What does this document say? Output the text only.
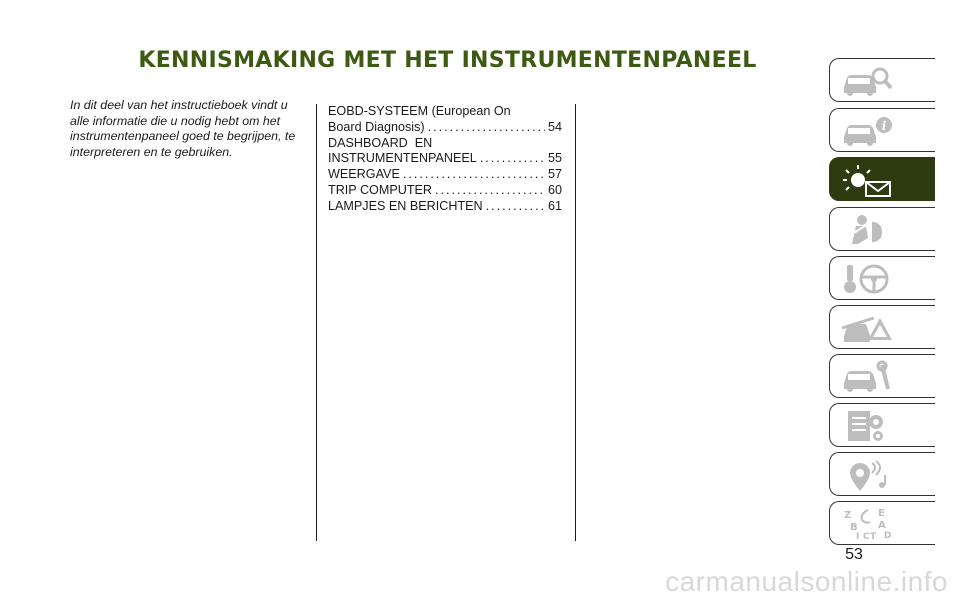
KENNISMAKING MET HET INSTRUMENTENPANEEL
In dit deel van het instructieboek vindt u alle informatie die u nodig hebt om het instrumentenpaneel goed te begrijpen, te interpreteren en te gebruiken.
EOBD-SYSTEEM (European On
Board Diagnosis) .....	54
DASHBOARD  EN
INSTRUMENTENPANEEL .....	55
WEERGAVE .....	57
TRIP COMPUTER .....	60
LAMPJES EN BERICHTEN .....	61
i
Z	E
A
B
I C T D
53
carmanualsonline.info
